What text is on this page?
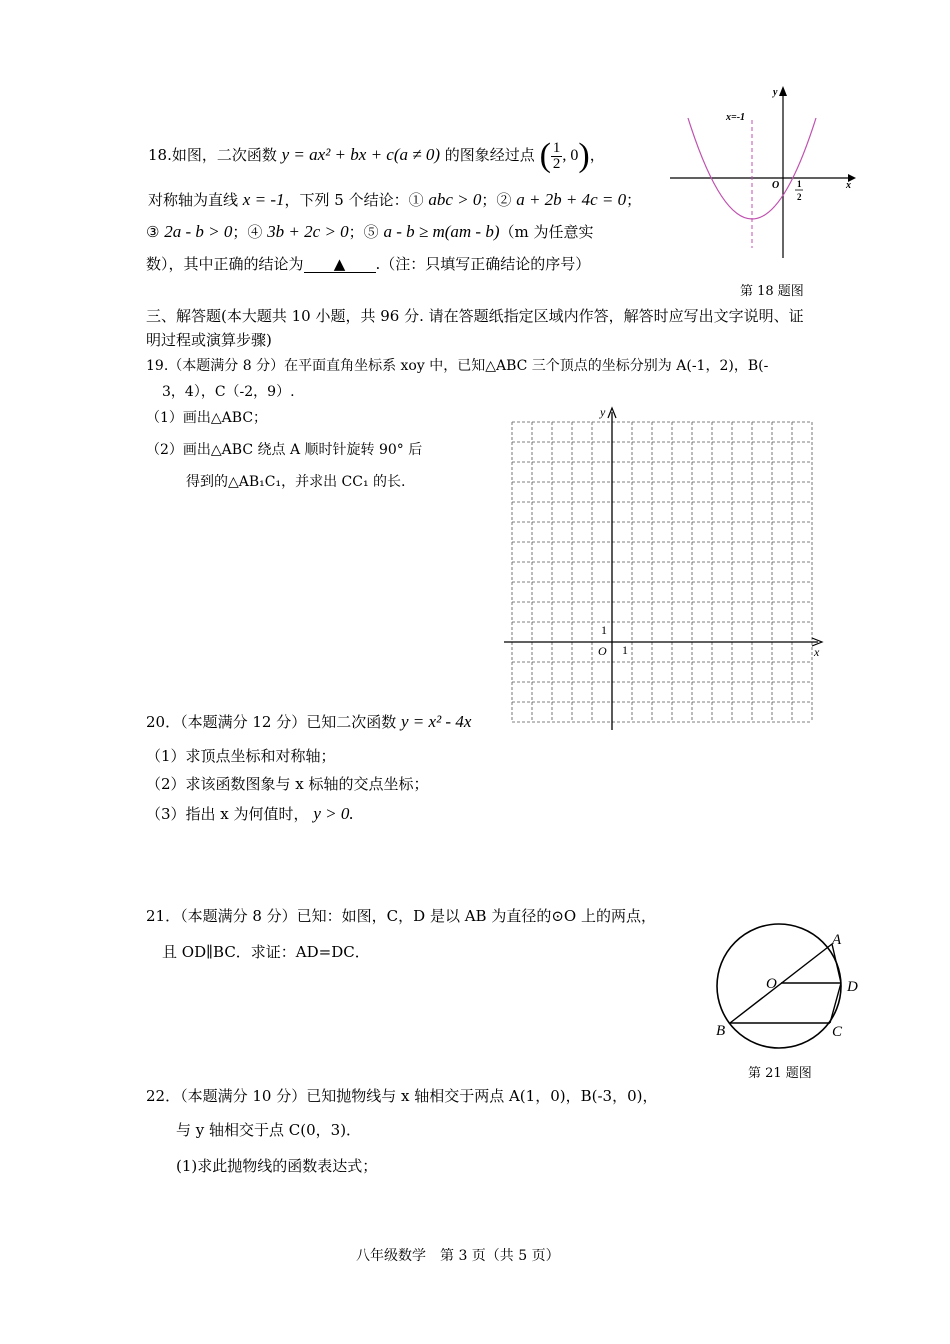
18.如图，二次函数 y = ax² + bx + c(a ≠ 0) 的图象经过点 ( $\frac{1}{2}$ , 0)，
对称轴为直线 x = -1，下列 5 个结论：① abc > 0；② a + 2b + 4c = 0；
③ 2a - b > 0；④ 3b + 2c > 0；⑤ a - b ≥ m(am - b)（m 为任意实
数），其中正确的结论为 ▲ .（注：只填写正确结论的序号）
x=-1
y
x
O 1
2
第 18 题图
三、解答题(本大题共 10 小题，共 96 分. 请在答题纸指定区域内作答，解答时应写出文字说明、证
明过程或演算步骤)
19.（本题满分 8 分）在平面直角坐标系 xoy 中，已知△ABC 三个顶点的坐标分别为 A(-1，2)，B(-
3，4），C（-2，9）.
（1）画出△ABC；
（2）画出△ABC 绕点 A 顺时针旋转 90° 后
得到的△AB₁C₁，并求出 CC₁ 的长.
y
x
O 1
1
20．（本题满分 12 分）已知二次函数 y = x² - 4x
（1）求顶点坐标和对称轴；
（2）求该函数图象与 x 标轴的交点坐标；
（3）指出 x 为何值时， y > 0.
21．（本题满分 8 分）已知：如图，C，D 是以 AB 为直径的⊙O 上的两点，
且 OD∥BC．求证：AD=DC．
A
O	D
B	C
第 21 题图
22．（本题满分 10 分）已知抛物线与 x 轴相交于两点 A(1，0)，B(-3，0)，
与 y 轴相交于点 C(0，3)．
(1)求此抛物线的函数表达式；
八年级数学　第 3 页（共 5 页）
